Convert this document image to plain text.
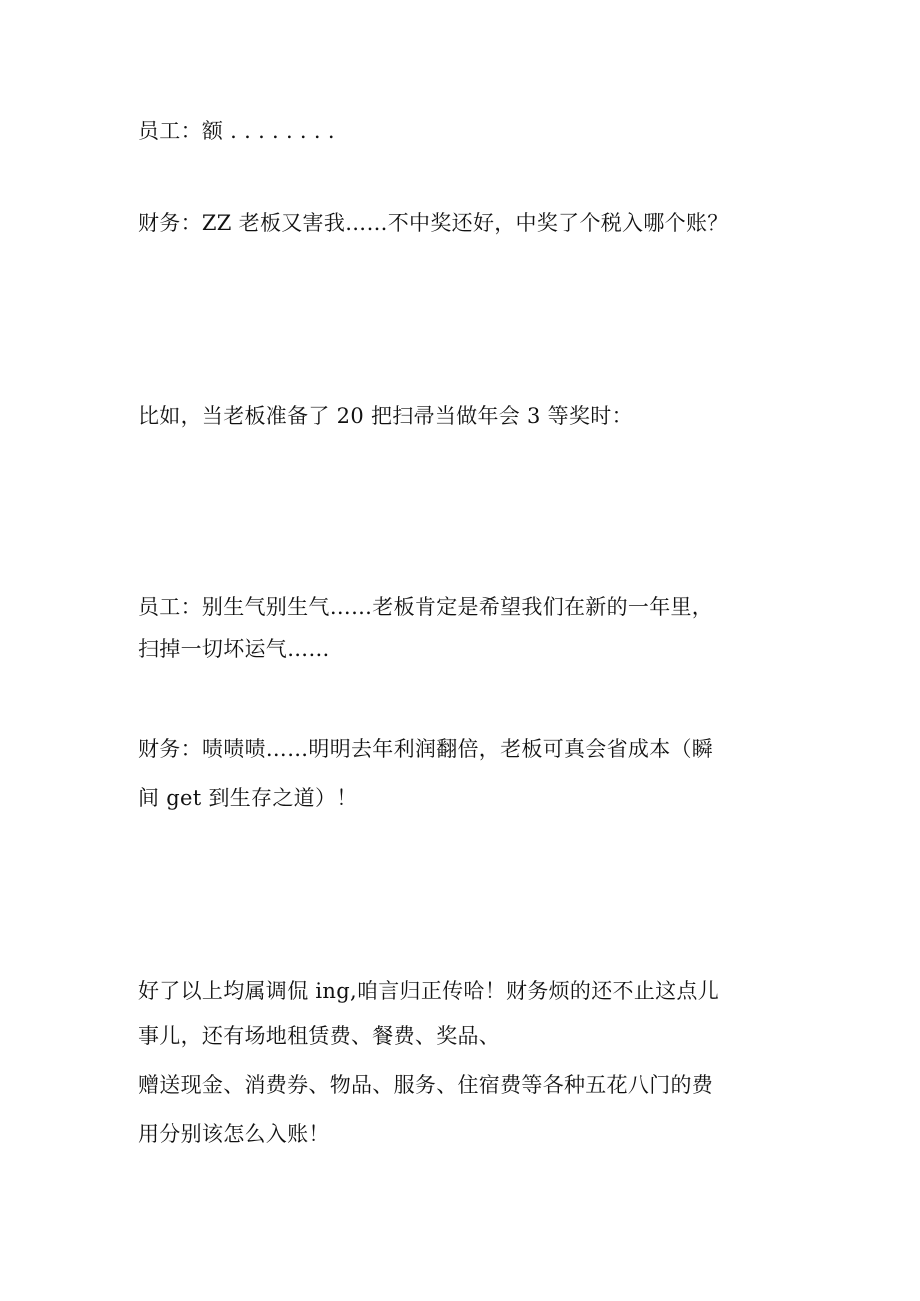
员工：额 . . . . . . . .
财务：ZZ 老板又害我……不中奖还好，中奖了个税入哪个账？
比如，当老板准备了 20 把扫帚当做年会 3 等奖时：
员工：别生气别生气……老板肯定是希望我们在新的一年里，
扫掉一切坏运气……
财务：啧啧啧……明明去年利润翻倍，老板可真会省成本（瞬
间 get 到生存之道）！
好了以上均属调侃 ing,咱言归正传哈！财务烦的还不止这点儿
事儿，还有场地租赁费、餐费、奖品、
赠送现金、消费券、物品、服务、住宿费等各种五花八门的费
用分别该怎么入账！
